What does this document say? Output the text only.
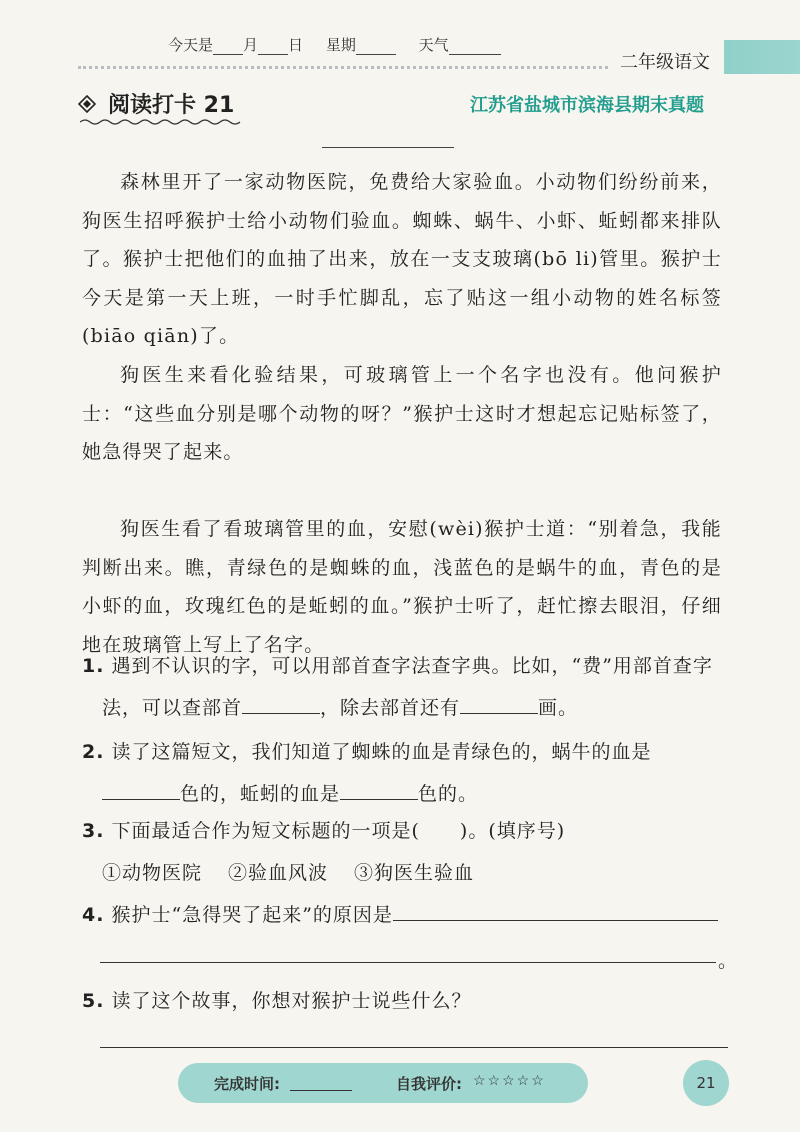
今天是 月 日 星期	天气
二年级语文
阅读打卡 21	江苏省盐城市滨海县期末真题
森林里开了一家动物医院，免费给大家验血。小动物们纷纷前来，狗医生招呼猴护士给小动物们验血。蜘蛛、蜗牛、小虾、蚯蚓都来排队了。猴护士把他们的血抽了出来，放在一支支玻璃(bō li)管里。猴护士今天是第一天上班，一时手忙脚乱，忘了贴这一组小动物的姓名标签(biāo qiān)了。
狗医生来看化验结果，可玻璃管上一个名字也没有。他问猴护士：“这些血分别是哪个动物的呀？”猴护士这时才想起忘记贴标签了，她急得哭了起来。
狗医生看了看玻璃管里的血，安慰(wèi)猴护士道：“别着急，我能判断出来。瞧，青绿色的是蜘蛛的血，浅蓝色的是蜗牛的血，青色的是小虾的血，玫瑰红色的是蚯蚓的血。”猴护士听了，赶忙擦去眼泪，仔细地在玻璃管上写上了名字。
1. 遇到不认识的字，可以用部首查字法查字典。比如，“费”用部首查字
法，可以查部首	，除去部首还有	画。
2. 读了这篇短文，我们知道了蜘蛛的血是青绿色的，蜗牛的血是
色的，蚯蚓的血是	色的。
3. 下面最适合作为短文标题的一项是(　　)。(填序号)
①动物医院 ②验血风波 ③狗医生验血
4. 猴护士“急得哭了起来”的原因是
。
5. 读了这个故事，你想对猴护士说些什么？
完成时间:	自我评价: ☆☆☆☆☆	21
